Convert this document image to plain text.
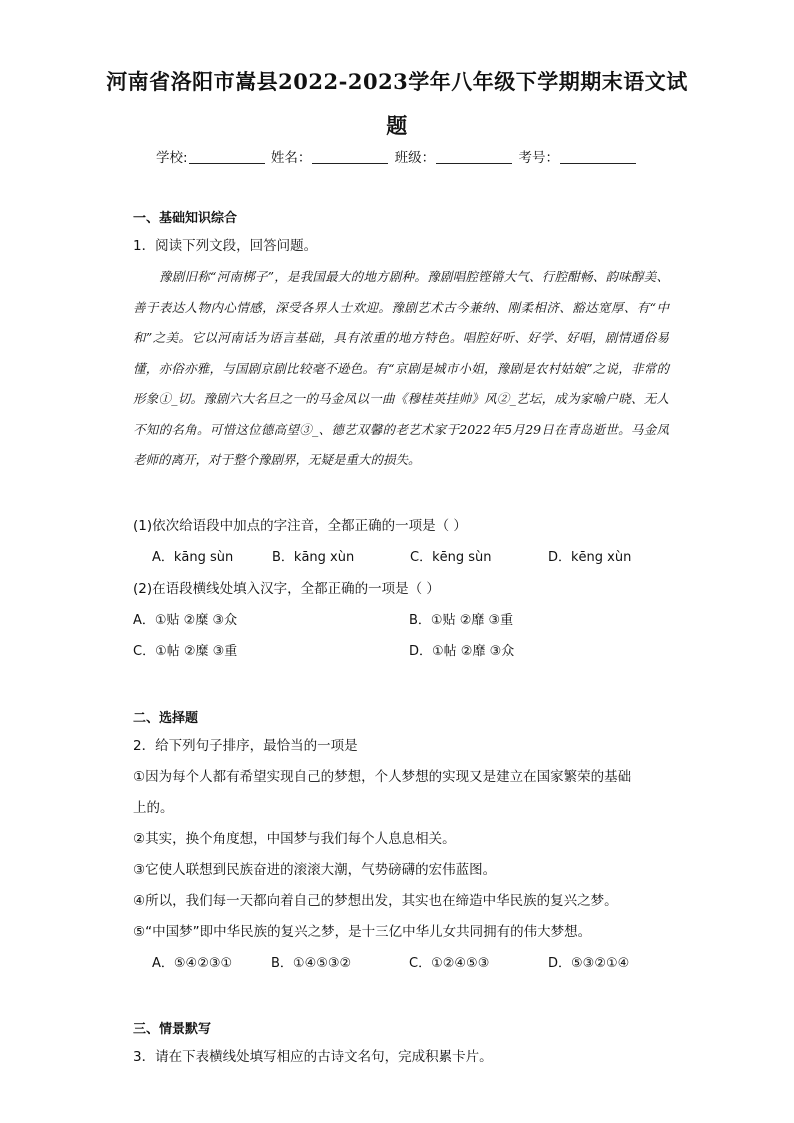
河南省洛阳市嵩县2022-2023学年八年级下学期期末语文试
题
学校:	姓名：	班级：	考号：
一、基础知识综合
1．阅读下列文段，回答问题。

豫剧旧称“河南梆子”，是我国最大的地方剧种。豫剧唱腔铿锵大气、行腔酣畅、韵味醇美、善于表达人物内心情感，深受各界人士欢迎。豫剧艺术古今兼纳、刚柔相济、豁达宽厚、有“中和”之美。它以河南话为语言基础，具有浓重的地方特色。唱腔好听、好学、好唱，剧情通俗易懂，亦俗亦雅，与国剧京剧比较毫不逊色。有“京剧是城市小姐，豫剧是农村姑娘”之说，非常的形象①_切。豫剧六大名旦之一的马金凤以一曲《穆桂英挂帅》风②_艺坛，成为家喻户晓、无人不知的名角。可惜这位德高望③_、德艺双馨的老艺术家于2022年5月29日在青岛逝世。马金凤老师的离开，对于整个豫剧界，无疑是重大的损失。

(1)依次给语段中加点的字注音，全都正确的一项是（ ）
A．kāng sùn	B．kāng xùn	C．kēng sùn	D．kēng xùn
(2)在语段横线处填入汉字，全都正确的一项是（ ）
A．①贴 ②糜 ③众	B．①贴 ②靡 ③重
C．①帖 ②糜 ③重	D．①帖 ②靡 ③众
二、选择题
2．给下列句子排序，最恰当的一项是
①因为每个人都有希望实现自己的梦想，个人梦想的实现又是建立在国家繁荣的基础
上的。
②其实，换个角度想，中国梦与我们每个人息息相关。
③它使人联想到民族奋进的滚滚大潮，气势磅礴的宏伟蓝图。
④所以，我们每一天都向着自己的梦想出发，其实也在缔造中华民族的复兴之梦。
⑤“中国梦”即中华民族的复兴之梦，是十三亿中华儿女共同拥有的伟大梦想。
A．⑤④②③①	B．①④⑤③②	C．①②④⑤③	D．⑤③②①④
三、情景默写
3．请在下表横线处填写相应的古诗文名句，完成积累卡片。
